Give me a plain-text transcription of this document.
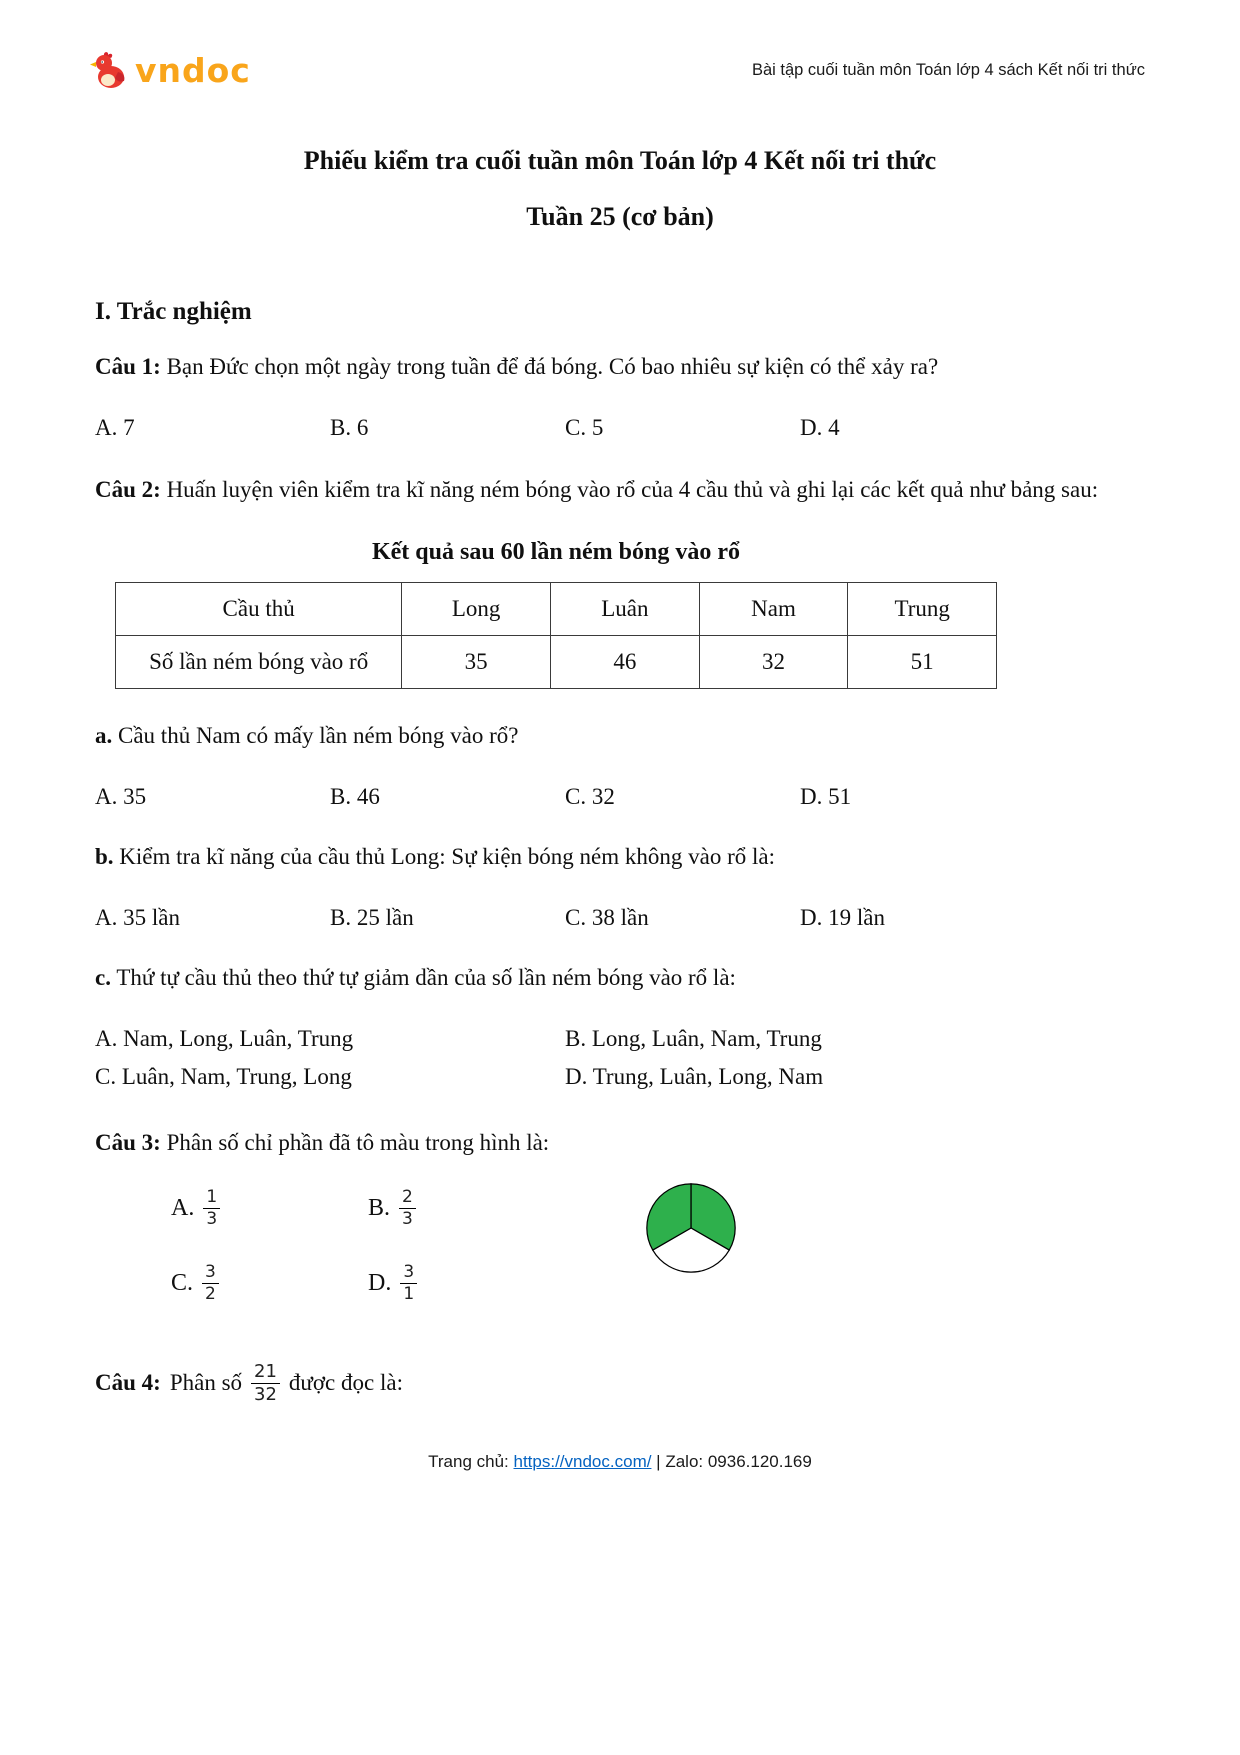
vndoc	Bài tập cuối tuần môn Toán lớp 4 sách Kết nối tri thức
Phiếu kiểm tra cuối tuần môn Toán lớp 4 Kết nối tri thức
Tuần 25 (cơ bản)
I. Trắc nghiệm

Câu 1: Bạn Đức chọn một ngày trong tuần để đá bóng. Có bao nhiêu sự kiện có thể xảy ra?

A. 7	B. 6	C. 5	D. 4

Câu 2: Huấn luyện viên kiểm tra kĩ năng ném bóng vào rổ của 4 cầu thủ và ghi lại các kết quả như bảng sau:

Kết quả sau 60 lần ném bóng vào rổ
Cầu thủ	Long	Luân	Nam	Trung
Số lần ném bóng vào rổ	35	46	32	51

a. Cầu thủ Nam có mấy lần ném bóng vào rổ?

A. 35	B. 46	C. 32	D. 51

b. Kiểm tra kĩ năng của cầu thủ Long: Sự kiện bóng ném không vào rổ là:

A. 35 lần	B. 25 lần	C. 38 lần	D. 19 lần

c. Thứ tự cầu thủ theo thứ tự giảm dần của số lần ném bóng vào rổ là:

A. Nam, Long, Luân, Trung	B. Long, Luân, Nam, Trung
C. Luân, Nam, Trung, Long	D. Trung, Luân, Long, Nam

Câu 3: Phân số chỉ phần đã tô màu trong hình là:

A. $\frac{1}{3}$	B. $\frac{2}{3}$
C. $\frac{3}{2}$	D. $\frac{3}{1}$
Câu 4: Phân số $\frac{21}{32}$ được đọc là:
Trang chủ: https://vndoc.com/ | Zalo: 0936.120.169
